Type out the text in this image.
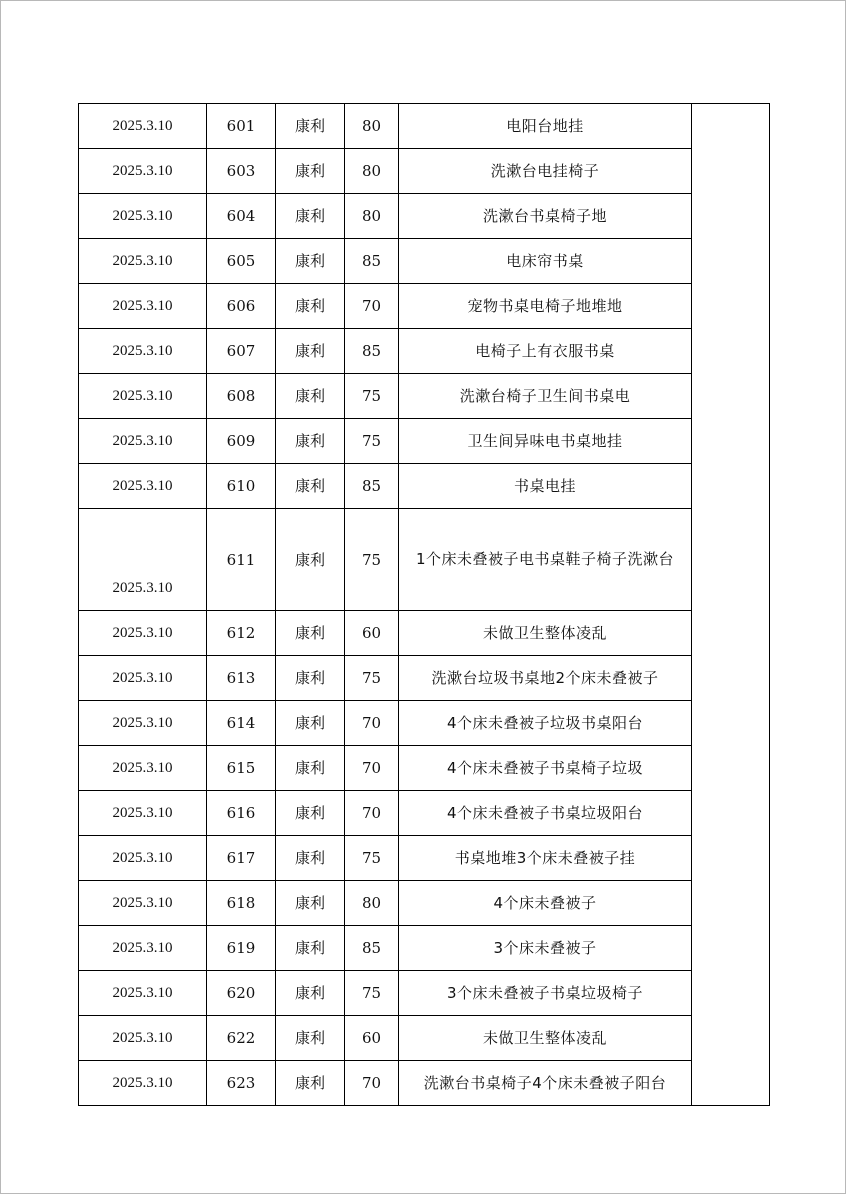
2025.3.10	601	康利	80	电阳台地挂	
2025.3.10	603	康利	80	洗漱台电挂椅子	
2025.3.10	604	康利	80	洗漱台书桌椅子地	
2025.3.10	605	康利	85	电床帘书桌	
2025.3.10	606	康利	70	宠物书桌电椅子地堆地	
2025.3.10	607	康利	85	电椅子上有衣服书桌	
2025.3.10	608	康利	75	洗漱台椅子卫生间书桌电	
2025.3.10	609	康利	75	卫生间异味电书桌地挂	
2025.3.10	610	康利	85	书桌电挂	
2025.3.10	611	康利	75	1个床未叠被子电书桌鞋子椅子洗漱台	
2025.3.10	612	康利	60	未做卫生整体凌乱	
2025.3.10	613	康利	75	洗漱台垃圾书桌地2个床未叠被子	
2025.3.10	614	康利	70	4个床未叠被子垃圾书桌阳台	
2025.3.10	615	康利	70	4个床未叠被子书桌椅子垃圾	
2025.3.10	616	康利	70	4个床未叠被子书桌垃圾阳台	
2025.3.10	617	康利	75	书桌地堆3个床未叠被子挂	
2025.3.10	618	康利	80	4个床未叠被子	
2025.3.10	619	康利	85	3个床未叠被子	
2025.3.10	620	康利	75	3个床未叠被子书桌垃圾椅子	
2025.3.10	622	康利	60	未做卫生整体凌乱	
2025.3.10	623	康利	70	洗漱台书桌椅子4个床未叠被子阳台	
